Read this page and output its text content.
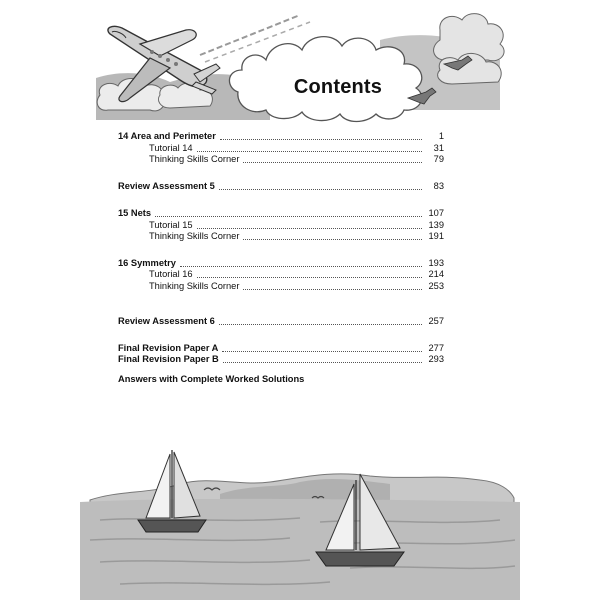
Contents
14 Area and Perimeter	1
Tutorial 14	31
Thinking Skills Corner	79
Review Assessment 5	83
15 Nets	107
Tutorial 15	139
Thinking Skills Corner	191
16 Symmetry	193
Tutorial 16	214
Thinking Skills Corner	253
Review Assessment 6	257
Final Revision Paper A	277
Final Revision Paper B	293
Answers with Complete Worked Solutions
